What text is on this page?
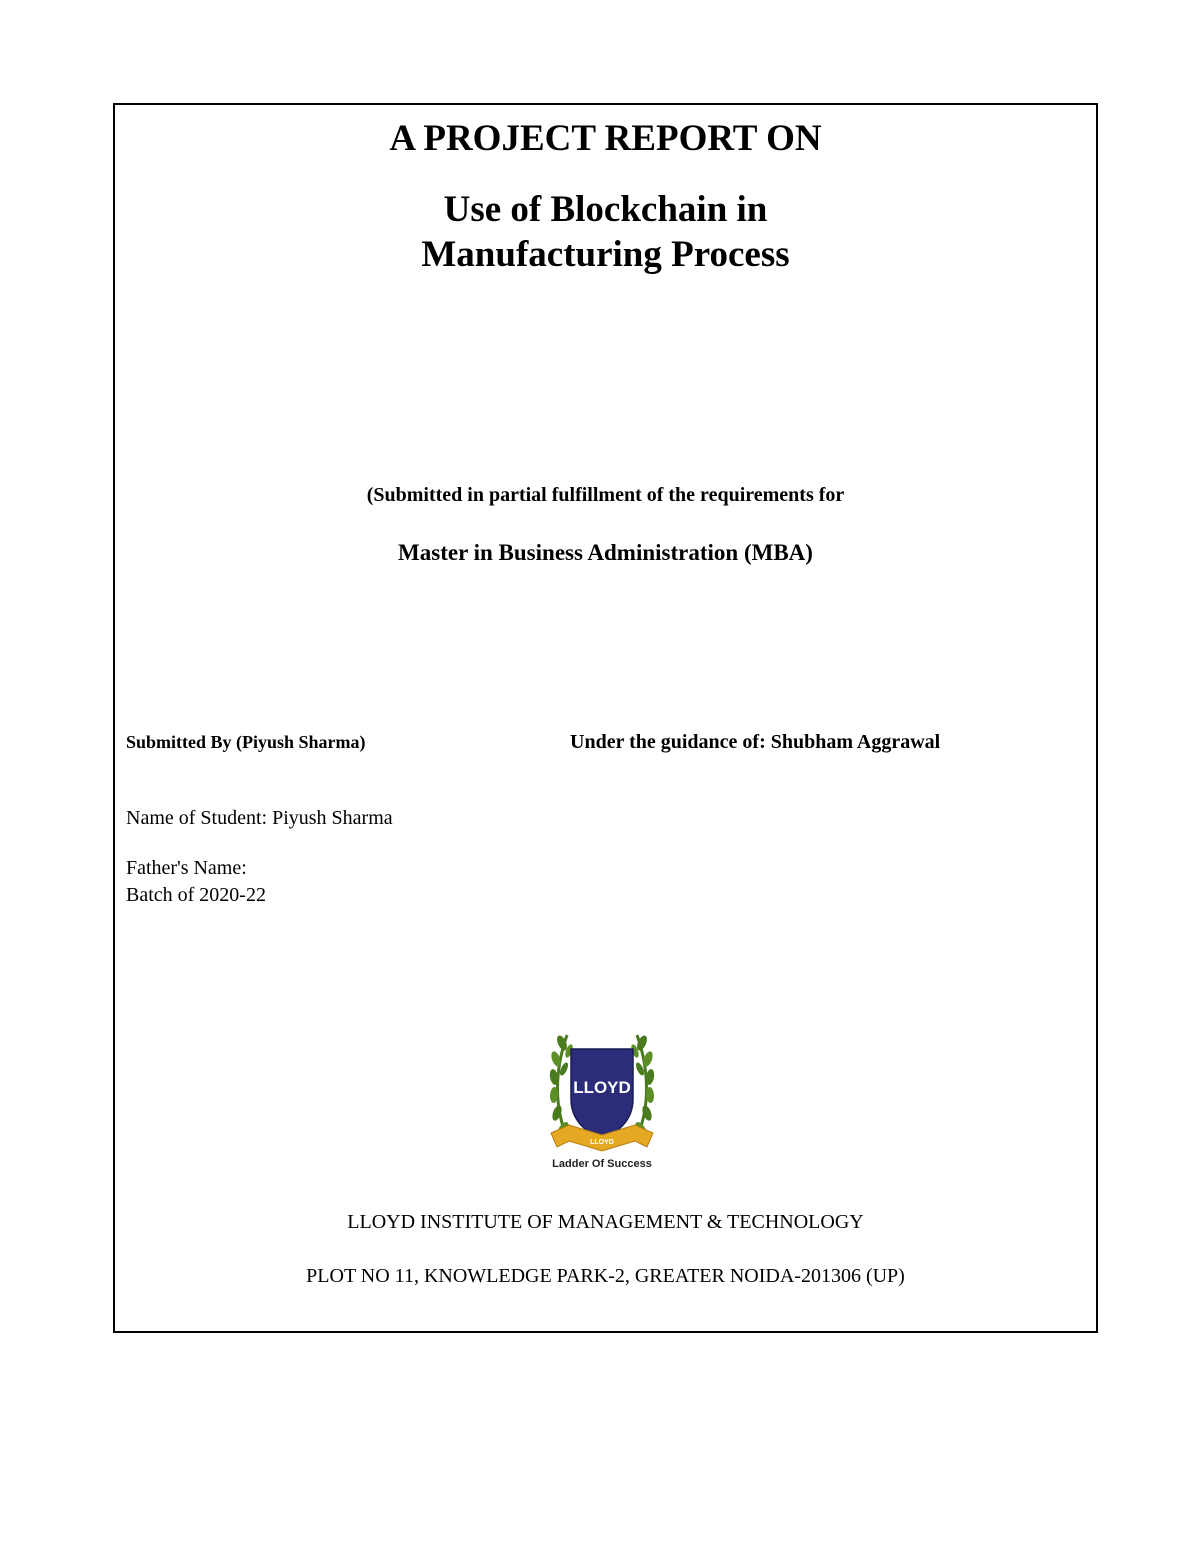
A PROJECT REPORT ON
Use of Blockchain in
Manufacturing Process
(Submitted in partial fulfillment of the requirements for
Master in Business Administration (MBA)
Submitted By (Piyush Sharma)	Under the guidance of: Shubham Aggrawal
Name of Student: Piyush Sharma
Father's Name:
Batch of 2020-22
LLOYD
LLOYD
Ladder Of Success
LLOYD INSTITUTE OF MANAGEMENT & TECHNOLOGY
PLOT NO 11, KNOWLEDGE PARK-2, GREATER NOIDA-201306 (UP)
